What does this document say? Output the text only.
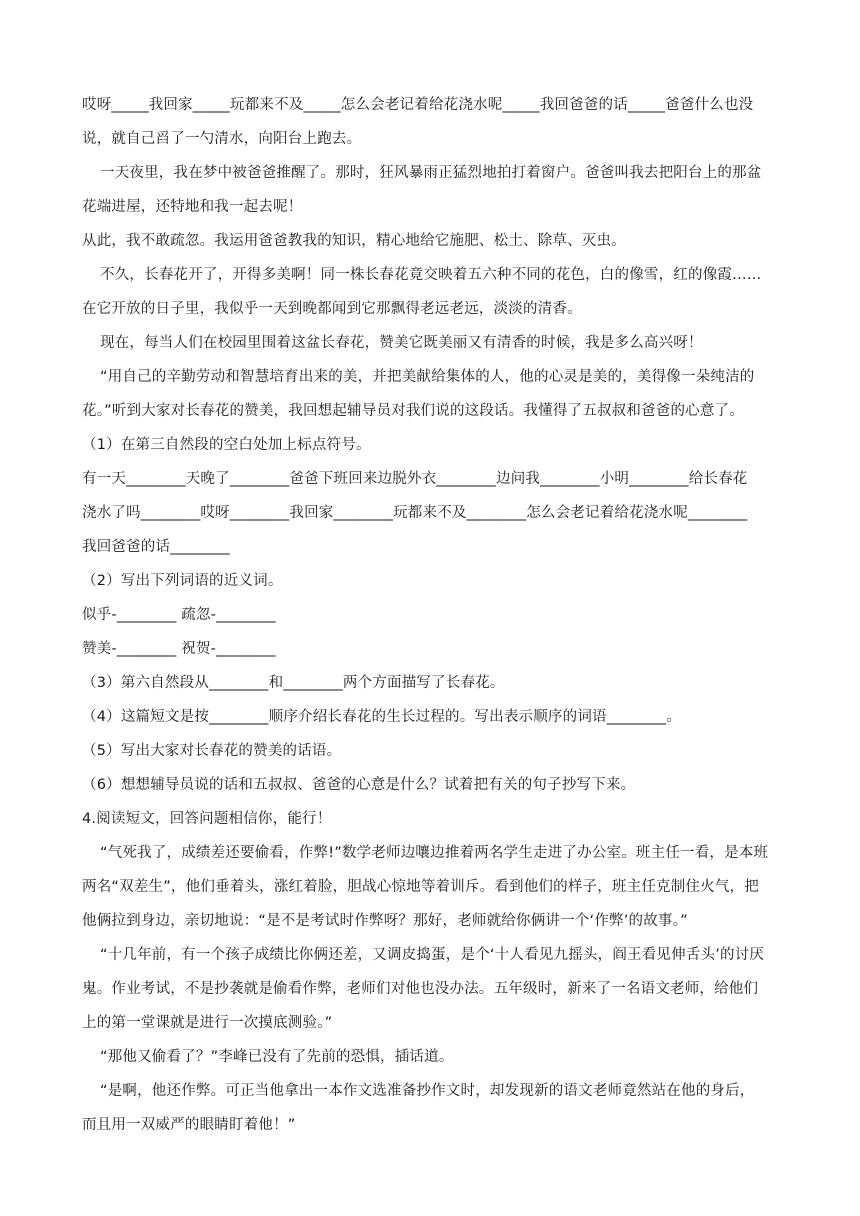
哎呀_____我回家_____玩都来不及_____怎么会老记着给花浇水呢_____我回爸爸的话_____爸爸什么也没
说，就自己舀了一勺清水，向阳台上跑去。
一天夜里，我在梦中被爸爸推醒了。那时，狂风暴雨正猛烈地拍打着窗户。爸爸叫我去把阳台上的那盆
花端进屋，还特地和我一起去呢！
从此，我不敢疏忽。我运用爸爸教我的知识，精心地给它施肥、松土、除草、灭虫。
不久，长春花开了，开得多美啊！同一株长春花竟交映着五六种不同的花色，白的像雪，红的像霞……
在它开放的日子里，我似乎一天到晚都闻到它那飘得老远老远，淡淡的清香。
现在，每当人们在校园里围着这盆长春花，赞美它既美丽又有清香的时候，我是多么高兴呀！
“用自己的辛勤劳动和智慧培育出来的美，并把美献给集体的人，他的心灵是美的，美得像一朵纯洁的
花。”听到大家对长春花的赞美，我回想起辅导员对我们说的这段话。我懂得了五叔叔和爸爸的心意了。
（1）在第三自然段的空白处加上标点符号。
有一天________天晚了________爸爸下班回来边脱外衣________边问我________小明________给长春花
浇水了吗________哎呀________我回家________玩都来不及________怎么会老记着给花浇水呢________
我回爸爸的话________
（2）写出下列词语的近义词。
似乎-________ 疏忽-________
赞美-________ 祝贺-________
（3）第六自然段从________和________两个方面描写了长春花。
（4）这篇短文是按________顺序介绍长春花的生长过程的。写出表示顺序的词语________。
（5）写出大家对长春花的赞美的话语。
（6）想想辅导员说的话和五叔叔、爸爸的心意是什么？试着把有关的句子抄写下来。
4.阅读短文，回答问题相信你，能行！
“气死我了，成绩差还要偷看，作弊!”数学老师边嚷边推着两名学生走进了办公室。班主任一看，是本班
两名“双差生”，他们垂着头，涨红着脸，胆战心惊地等着训斥。看到他们的样子，班主任克制住火气，把
他俩拉到身边，亲切地说：“是不是考试时作弊呀？那好，老师就给你俩讲一个‘作弊’的故事。”
“十几年前，有一个孩子成绩比你俩还差，又调皮捣蛋，是个‘十人看见九摇头，阎王看见伸舌头’的讨厌
鬼。作业考试，不是抄袭就是偷看作弊，老师们对他也没办法。五年级时，新来了一名语文老师，给他们
上的第一堂课就是进行一次摸底测验。”
“那他又偷看了？”李峰已没有了先前的恐惧，插话道。
“是啊，他还作弊。可正当他拿出一本作文选准备抄作文时，却发现新的语文老师竟然站在他的身后，
而且用一双威严的眼睛盯着他！”
